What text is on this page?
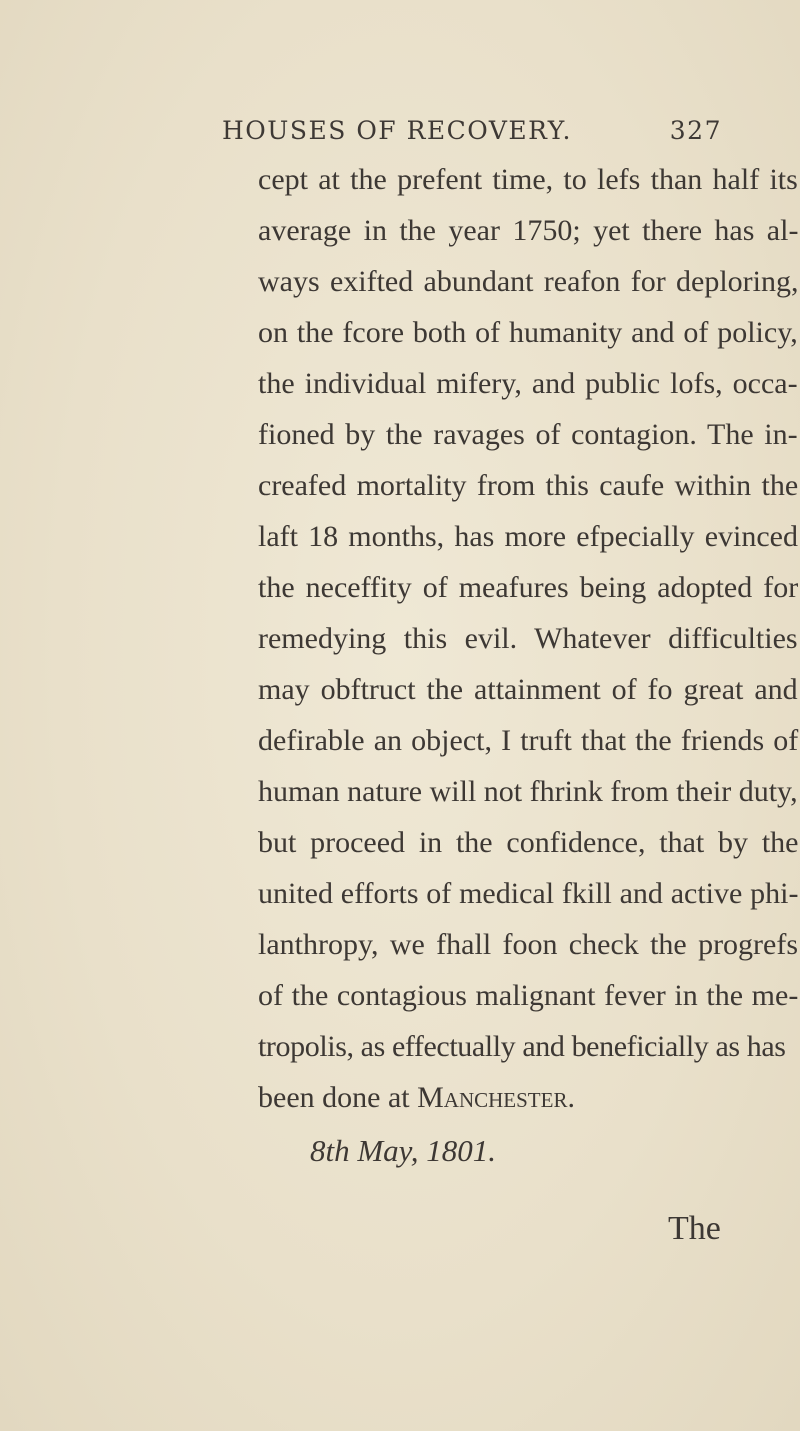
HOUSES OF RECOVERY.	327
cept at the prefent time, to lefs than half its
average in the year 1750; yet there has al-
ways exifted abundant reafon for deploring,
on the fcore both of humanity and of policy,
the individual mifery, and public lofs, occa-
fioned by the ravages of contagion. The in-
creafed mortality from this caufe within the
laft 18 months, has more efpecially evinced
the neceffity of meafures being adopted for
remedying this evil. Whatever difficulties
may obftruct the attainment of fo great and
defirable an object, I truft that the friends of
human nature will not fhrink from their duty,
but proceed in the confidence, that by the
united efforts of medical fkill and active phi-
lanthropy, we fhall foon check the progrefs
of the contagious malignant fever in the me-
tropolis, as effectually and beneficially as has
been done at Manchester.
8th May, 1801.
The
